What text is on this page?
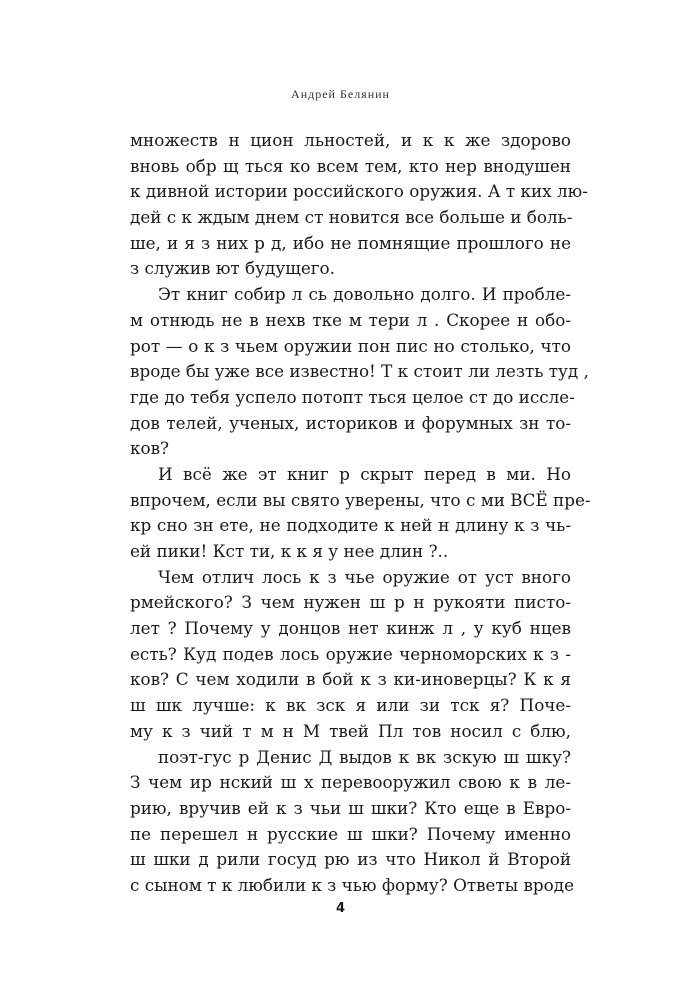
Андрей Белянин
множеств н цион льностей, и к к же здорово
вновь обр щ ться ко всем тем, кто нер внодушен
к дивной истории российского оружия. А т ких лю-
дей с к ждым днем ст новится все больше и боль-
ше, и я з них р д, ибо не помнящие прошлого не
з служив ют будущего.
Эт книг собир л сь довольно долго. И пробле-
м отнюдь не в нехв тке м тери л . Скорее н обо-
рот — о к з чьем оружии пон пис но столько, что
вроде бы уже все известно! Т к стоит ли лезть туд ,
где до тебя успело потопт ться целое ст до исслe-
дов телей, ученых, историков и форумных зн то-
ков?
И всё же эт книг р скрыт перед в ми. Но
впрочем, если вы свято уверены, что с ми ВСЁ пре-
кр сно зн ете, не подходите к ней н длину к з чь-
ей пики! Кст ти, к к я у нее длин ?..
Чем отлич лось к з чье оружие от уст вного
рмейского? З чем нужен ш р н рукояти писто-
лет ? Почему у донцов нет кинж л , у куб нцев
есть? Куд подев лось оружие черноморских к з -
ков? С чем ходили в бой к з ки-иноверцы? К к я
ш шк лучше: к вк зск я или зи тск я? Поче-
му к з чий т м н М твей Пл тов носил с блю,
поэт-гус р Денис Д выдов к вк зскую ш шку?
З чем ир нский ш х перевооружил свою к в ле-
рию, вручив ей к з чьи ш шки? Кто еще в Евро-
пе перешел н русские ш шки? Почему именно
ш шки д рили госуд рю из что Никол й Второй
с сыном т к любили к з чью форму? Ответы вроде
4
